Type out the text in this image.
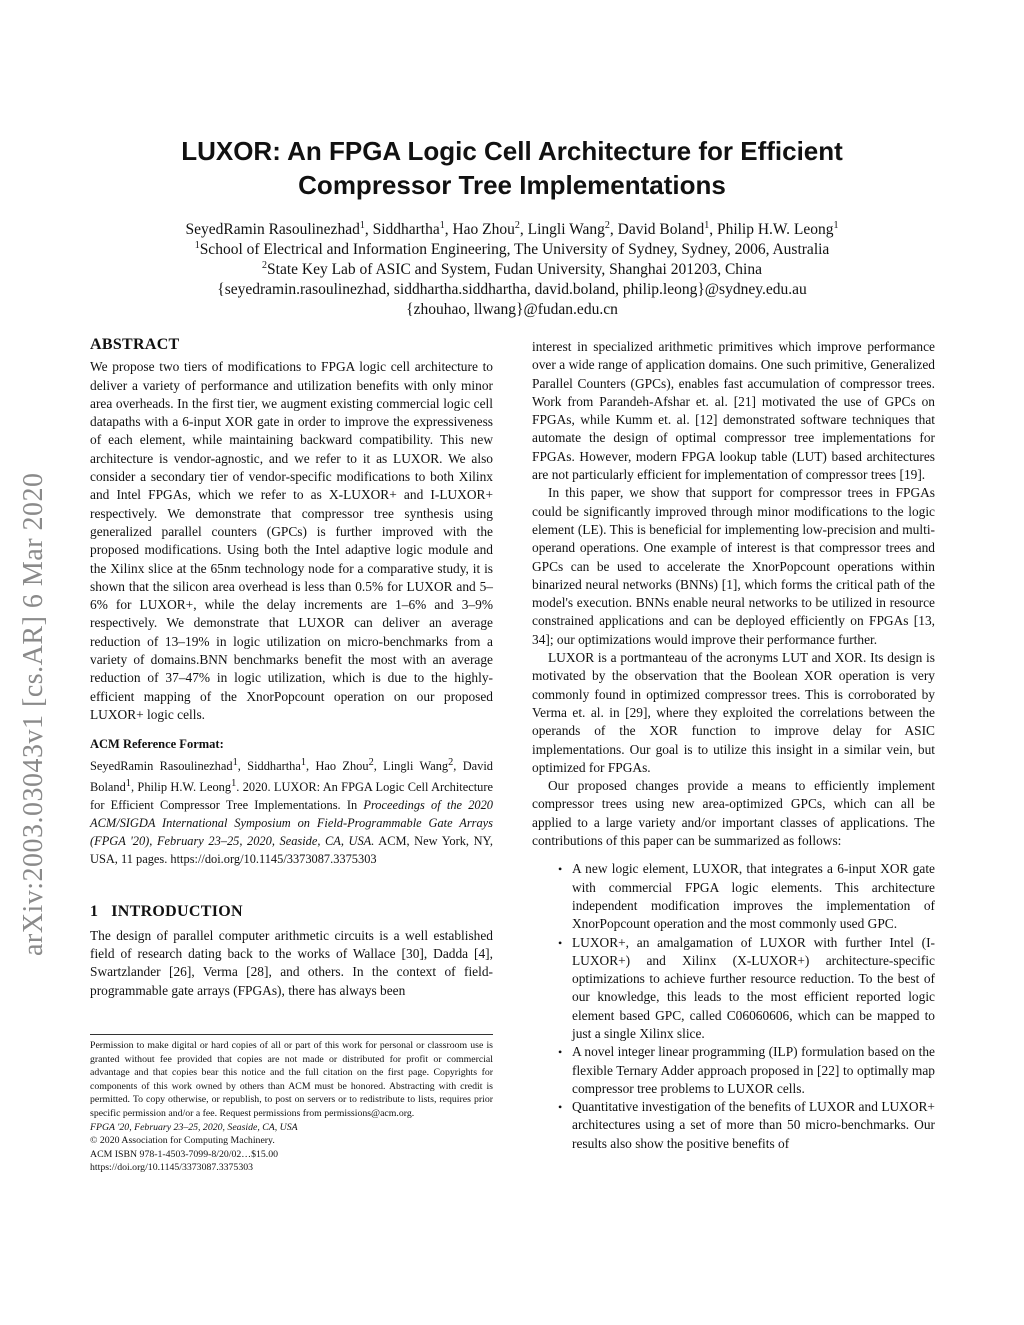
arXiv:2003.03043v1 [cs.AR] 6 Mar 2020
LUXOR: An FPGA Logic Cell Architecture for Efficient
Compressor Tree Implementations
SeyedRamin Rasoulinezhad$^1$, Siddhartha$^1$, Hao Zhou$^2$, Lingli Wang$^2$, David Boland$^1$, Philip H.W. Leong$^1$
$^1$School of Electrical and Information Engineering, The University of Sydney, Sydney, 2006, Australia
$^2$State Key Lab of ASIC and System, Fudan University, Shanghai 201203, China
{seyedramin.rasoulinezhad, siddhartha.siddhartha, david.boland, philip.leong}@sydney.edu.au
{zhouhao, llwang}@fudan.edu.cn

ABSTRACT

We propose two tiers of modifications to FPGA logic cell architecture to deliver a variety of performance and utilization benefits with only minor area overheads. In the first tier, we augment existing commercial logic cell datapaths with a 6-input XOR gate in order to improve the expressiveness of each element, while maintaining backward compatibility. This new architecture is vendor-agnostic, and we refer to it as LUXOR. We also consider a secondary tier of vendor-specific modifications to both Xilinx and Intel FPGAs, which we refer to as X-LUXOR+ and I-LUXOR+ respectively. We demonstrate that compressor tree synthesis using generalized parallel counters (GPCs) is further improved with the proposed modifications. Using both the Intel adaptive logic module and the Xilinx slice at the 65nm technology node for a comparative study, it is shown that the silicon area overhead is less than 0.5% for LUXOR and 5–6% for LUXOR+, while the delay increments are 1–6% and 3–9% respectively. We demonstrate that LUXOR can deliver an average reduction of 13–19% in logic utilization on micro-benchmarks from a variety of domains.BNN benchmarks benefit the most with an average reduction of 37–47% in logic utilization, which is due to the highly-efficient mapping of the XnorPopcount operation on our proposed LUXOR+ logic cells.

ACM Reference Format:

SeyedRamin Rasoulinezhad$^1$, Siddhartha$^1$, Hao Zhou$^2$, Lingli Wang$^2$, David Boland$^1$, Philip H.W. Leong$^1$. 2020. LUXOR: An FPGA Logic Cell Architecture for Efficient Compressor Tree Implementations. In Proceedings of the 2020 ACM/SIGDA International Symposium on Field-Programmable Gate Arrays (FPGA '20), February 23–25, 2020, Seaside, CA, USA. ACM, New York, NY, USA, 11 pages. https://doi.org/10.1145/3373087.3375303

1 INTRODUCTION

The design of parallel computer arithmetic circuits is a well established field of research dating back to the works of Wallace [30], Dadda [4], Swartzlander [26], Verma [28], and others. In the context of field-programmable gate arrays (FPGAs), there has always been

Permission to make digital or hard copies of all or part of this work for personal or classroom use is granted without fee provided that copies are not made or distributed for profit or commercial advantage and that copies bear this notice and the full citation on the first page. Copyrights for components of this work owned by others than ACM must be honored. Abstracting with credit is permitted. To copy otherwise, or republish, to post on servers or to redistribute to lists, requires prior specific permission and/or a fee. Request permissions from permissions@acm.org.

FPGA '20, February 23–25, 2020, Seaside, CA, USA

© 2020 Association for Computing Machinery.

ACM ISBN 978-1-4503-7099-8/20/02…$15.00

https://doi.org/10.1145/3373087.3375303

interest in specialized arithmetic primitives which improve performance over a wide range of application domains. One such primitive, Generalized Parallel Counters (GPCs), enables fast accumulation of compressor trees. Work from Parandeh-Afshar et. al. [21] motivated the use of GPCs on FPGAs, while Kumm et. al. [12] demonstrated software techniques that automate the design of optimal compressor tree implementations for FPGAs. However, modern FPGA lookup table (LUT) based architectures are not particularly efficient for implementation of compressor trees [19].

In this paper, we show that support for compressor trees in FPGAs could be significantly improved through minor modifications to the logic element (LE). This is beneficial for implementing low-precision and multi-operand operations. One example of interest is that compressor trees and GPCs can be used to accelerate the XnorPopcount operations within binarized neural networks (BNNs) [1], which forms the critical path of the model's execution. BNNs enable neural networks to be utilized in resource constrained applications and can be deployed efficiently on FPGAs [13, 34]; our optimizations would improve their performance further.

LUXOR is a portmanteau of the acronyms LUT and XOR. Its design is motivated by the observation that the Boolean XOR operation is very commonly found in optimized compressor trees. This is corroborated by Verma et. al. in [29], where they exploited the correlations between the operands of the XOR function to improve delay for ASIC implementations. Our goal is to utilize this insight in a similar vein, but optimized for FPGAs.

Our proposed changes provide a means to efficiently implement compressor trees using new area-optimized GPCs, which can all be applied to a large variety and/or important classes of applications. The contributions of this paper can be summarized as follows:

• A new logic element, LUXOR, that integrates a 6-input XOR gate with commercial FPGA logic elements. This architecture independent modification improves the implementation of XnorPopcount operation and the most commonly used GPC.
• LUXOR+, an amalgamation of LUXOR with further Intel (I-LUXOR+) and Xilinx (X-LUXOR+) architecture-specific optimizations to achieve further resource reduction. To the best of our knowledge, this leads to the most efficient reported logic element based GPC, called C06060606, which can be mapped to just a single Xilinx slice.
• A novel integer linear programming (ILP) formulation based on the flexible Ternary Adder approach proposed in [22] to optimally map compressor tree problems to LUXOR cells.
• Quantitative investigation of the benefits of LUXOR and LUXOR+ architectures using a set of more than 50 micro-benchmarks. Our results also show the positive benefits of
